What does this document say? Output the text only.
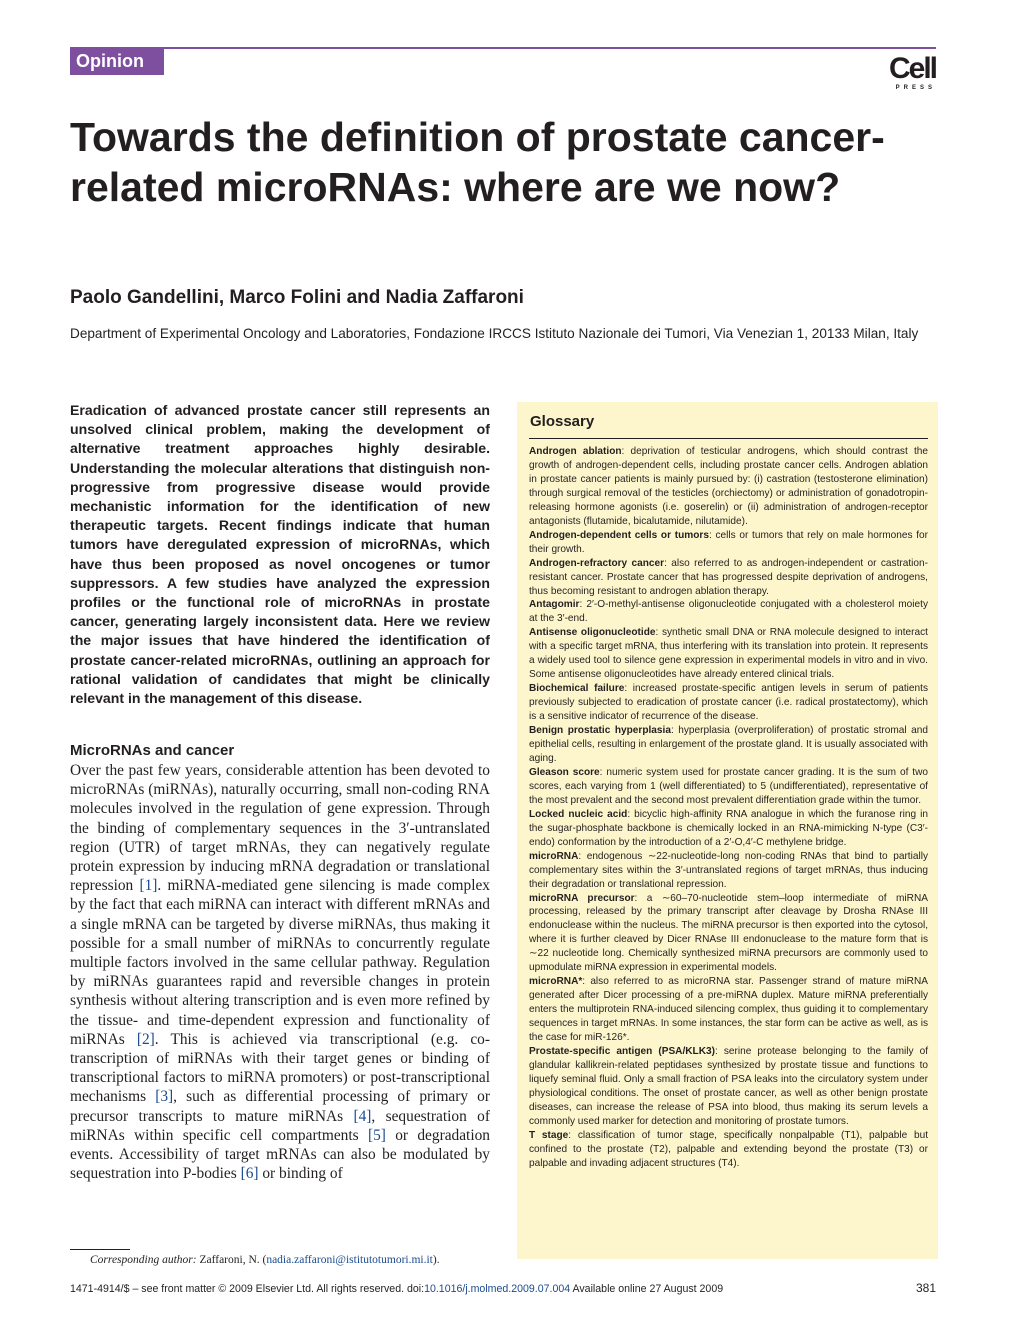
Opinion	Cell
PRESS
Towards the definition of prostate cancer-related microRNAs: where are we now?

Paolo Gandellini, Marco Folini and Nadia Zaffaroni

Department of Experimental Oncology and Laboratories, Fondazione IRCCS Istituto Nazionale dei Tumori, Via Venezian 1, 20133 Milan, Italy

Eradication of advanced prostate cancer still represents an unsolved clinical problem, making the development of alternative treatment approaches highly desirable. Understanding the molecular alterations that distinguish non-progressive from progressive disease would provide mechanistic information for the identification of new therapeutic targets. Recent findings indicate that human tumors have deregulated expression of microRNAs, which have thus been proposed as novel oncogenes or tumor suppressors. A few studies have analyzed the expression profiles or the functional role of microRNAs in prostate cancer, generating largely inconsistent data. Here we review the major issues that have hindered the identification of prostate cancer-related microRNAs, outlining an approach for rational validation of candidates that might be clinically relevant in the management of this disease.

MicroRNAs and cancer

Over the past few years, considerable attention has been devoted to microRNAs (miRNAs), naturally occurring, small non-coding RNA molecules involved in the regulation of gene expression. Through the binding of complementary sequences in the 3′-untranslated region (UTR) of target mRNAs, they can negatively regulate protein expression by inducing mRNA degradation or translational repression [1]. miRNA-mediated gene silencing is made complex by the fact that each miRNA can interact with different mRNAs and a single mRNA can be targeted by diverse miRNAs, thus making it possible for a small number of miRNAs to concurrently regulate multiple factors involved in the same cellular pathway. Regulation by miRNAs guarantees rapid and reversible changes in protein synthesis without altering transcription and is even more refined by the tissue- and time-dependent expression and functionality of miRNAs [2]. This is achieved via transcriptional (e.g. co-transcription of miRNAs with their target genes or binding of transcriptional factors to miRNA promoters) or post-transcriptional mechanisms [3], such as differential processing of primary or precursor transcripts to mature miRNAs [4], sequestration of miRNAs within specific cell compartments [5] or degradation events. Accessibility of target mRNAs can also be modulated by sequestration into P-bodies [6] or binding of

Corresponding author: Zaffaroni, N. (nadia.zaffaroni@istitutotumori.mi.it).
Glossary

Androgen ablation: deprivation of testicular androgens, which should contrast the growth of androgen-dependent cells, including prostate cancer cells. Androgen ablation in prostate cancer patients is mainly pursued by: (i) castration (testosterone elimination) through surgical removal of the testicles (orchiectomy) or administration of gonadotropin-releasing hormone agonists (i.e. goserelin) or (ii) administration of androgen-receptor antagonists (flutamide, bicalutamide, nilutamide).

Androgen-dependent cells or tumors: cells or tumors that rely on male hormones for their growth.

Androgen-refractory cancer: also referred to as androgen-independent or castration-resistant cancer. Prostate cancer that has progressed despite deprivation of androgens, thus becoming resistant to androgen ablation therapy.

Antagomir: 2′-O-methyl-antisense oligonucleotide conjugated with a cholesterol moiety at the 3′-end.

Antisense oligonucleotide: synthetic small DNA or RNA molecule designed to interact with a specific target mRNA, thus interfering with its translation into protein. It represents a widely used tool to silence gene expression in experimental models in vitro and in vivo. Some antisense oligonucleotides have already entered clinical trials.

Biochemical failure: increased prostate-specific antigen levels in serum of patients previously subjected to eradication of prostate cancer (i.e. radical prostatectomy), which is a sensitive indicator of recurrence of the disease.

Benign prostatic hyperplasia: hyperplasia (overproliferation) of prostatic stromal and epithelial cells, resulting in enlargement of the prostate gland. It is usually associated with aging.

Gleason score: numeric system used for prostate cancer grading. It is the sum of two scores, each varying from 1 (well differentiated) to 5 (undifferentiated), representative of the most prevalent and the second most prevalent differentiation grade within the tumor.

Locked nucleic acid: bicyclic high-affinity RNA analogue in which the furanose ring in the sugar-phosphate backbone is chemically locked in an RNA-mimicking N-type (C3′-endo) conformation by the introduction of a 2′-O,4′-C methylene bridge.

microRNA: endogenous ∼22-nucleotide-long non-coding RNAs that bind to partially complementary sites within the 3′-untranslated regions of target mRNAs, thus inducing their degradation or translational repression.

microRNA precursor: a ∼60–70-nucleotide stem–loop intermediate of miRNA processing, released by the primary transcript after cleavage by Drosha RNAse III endonuclease within the nucleus. The miRNA precursor is then exported into the cytosol, where it is further cleaved by Dicer RNAse III endonuclease to the mature form that is ∼22 nucleotide long. Chemically synthesized miRNA precursors are commonly used to upmodulate miRNA expression in experimental models.

microRNA*: also referred to as microRNA star. Passenger strand of mature miRNA generated after Dicer processing of a pre-miRNA duplex. Mature miRNA preferentially enters the multiprotein RNA-induced silencing complex, thus guiding it to complementary sequences in target mRNAs. In some instances, the star form can be active as well, as is the case for miR-126*.

Prostate-specific antigen (PSA/KLK3): serine protease belonging to the family of glandular kallikrein-related peptidases synthesized by prostate tissue and functions to liquefy seminal fluid. Only a small fraction of PSA leaks into the circulatory system under physiological conditions. The onset of prostate cancer, as well as other benign prostate diseases, can increase the release of PSA into blood, thus making its serum levels a commonly used marker for detection and monitoring of prostate tumors.

T stage: classification of tumor stage, specifically nonpalpable (T1), palpable but confined to the prostate (T2), palpable and extending beyond the prostate (T3) or palpable and invading adjacent structures (T4).

1471-4914/$ – see front matter © 2009 Elsevier Ltd. All rights reserved. doi:10.1016/j.molmed.2009.07.004 Available online 27 August 2009	381
